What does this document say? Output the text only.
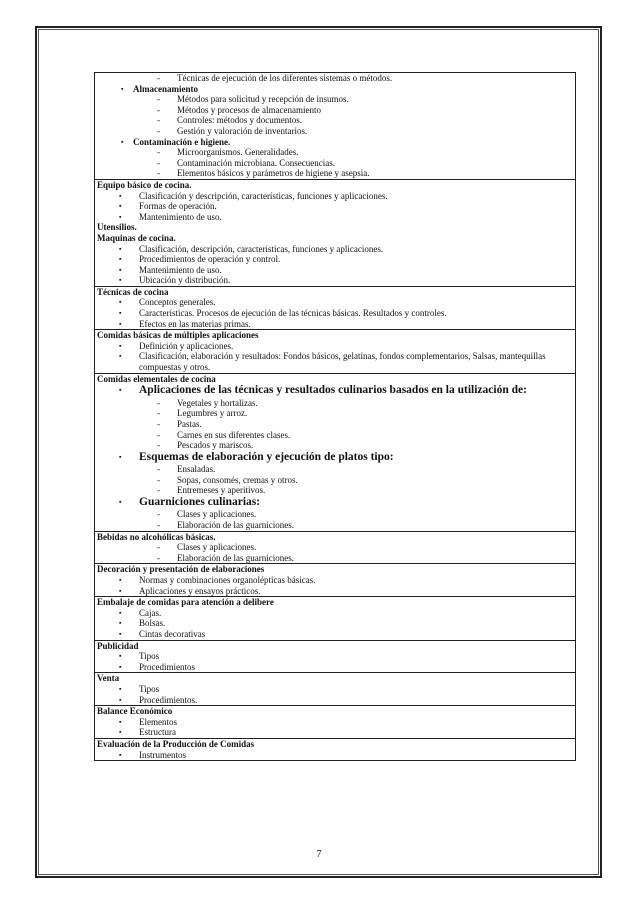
- Técnicas de ejecución de los diferentes sistemas o métodos.
▪ Almacenamiento
- Métodos para solicitud y recepción de insumos.
- Métodos y procesos de almacenamiento
- Controles: métodos y documentos.
- Gestión y valoración de inventarios.
▪ Contaminación e higiene.
- Microorganismos. Generalidades.
- Contaminación microbiana. Consecuencias.
- Elementos básicos y parámetros de higiene y asepsia.
Equipo básico de cocina.
▪ Clasificación y descripción, características, funciones y aplicaciones.
▪ Formas de operación.
▪ Mantenimiento de uso.
Utensilios.
Maquinas de cocina.
▪ Clasificación, descripción, características, funciones y aplicaciones.
▪ Procedimientos de operación y control.
▪ Mantenimiento de uso.
▪ Ubicación y distribución.
Técnicas de cocina
▪ Conceptos generales.
▪ Características. Procesos de ejecución de las técnicas básicas. Resultados y controles.
▪ Efectos en las materias primas.
Comidas básicas de múltiples aplicaciones
▪ Definición y aplicaciones.
▪ Clasificación, elaboración y resultados: Fondos básicos, gelatinas, fondos complementarios, Salsas, mantequillas compuestas y otros.
Comidas elementales de cocina
▪ Aplicaciones de las técnicas y resultados culinarios basados en la utilización de:
- Vegetales y hortalizas.
- Legumbres y arroz.
- Pastas.
- Carnes en sus diferentes clases.
- Pescados y mariscos.
▪ Esquemas de elaboración y ejecución de platos tipo:
- Ensaladas.
- Sopas, consomés, cremas y otros.
- Entremeses y aperitivos.
▪ Guarniciones culinarias:
- Clases y aplicaciones.
- Elaboración de las guarniciones.
Bebidas no alcohólicas básicas.
- Clases y aplicaciones.
- Elaboración de las guarniciones.
Decoración y presentación de elaboraciones
▪ Normas y combinaciones organolépticas básicas.
▪ Aplicaciones y ensayos prácticos.
Embalaje de comidas para atención a delibere
▪ Cajas.
▪ Bolsas.
▪ Cintas decorativas
Publicidad
▪ Tipos
▪ Procedimientos
Venta
▪ Tipos
▪ Procedimientos.
Balance Económico
▪ Elementos
▪ Estructura
Evaluación de la Producción de Comidas
▪ Instrumentos
7
